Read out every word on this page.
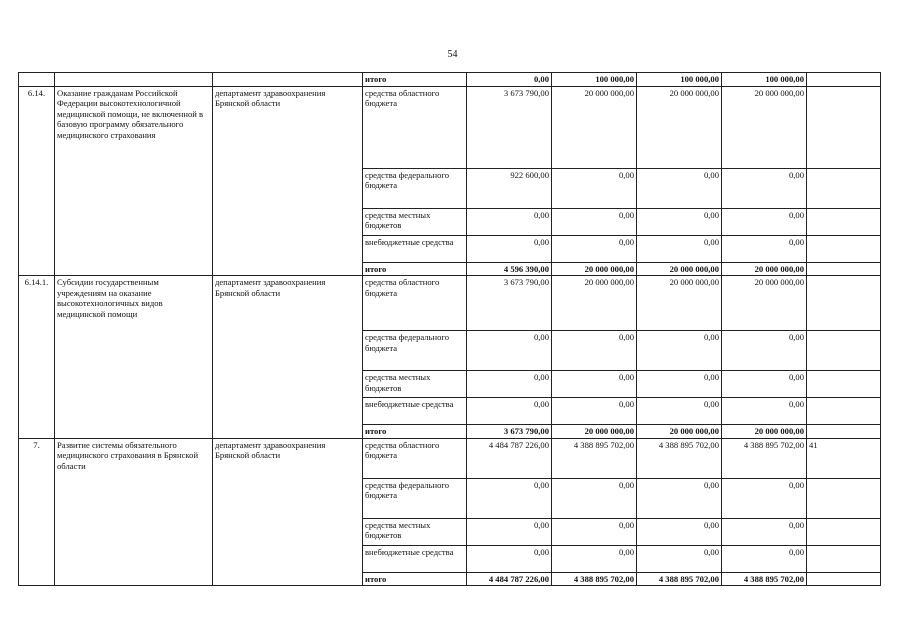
54
			итого	0,00	100 000,00	100 000,00	100 000,00	
6.14.	Оказание гражданам Российской Федерации высокотехнологичной медицинской помощи, не включенной в базовую программу обязательного медицинского страхования	департамент здравоохранения Брянской области	средства областного бюджета	3 673 790,00	20 000 000,00	20 000 000,00	20 000 000,00	
			средства федерального бюджета	922 600,00	0,00	0,00	0,00	
			средства местных бюджетов	0,00	0,00	0,00	0,00	
			внебюджетные средства	0,00	0,00	0,00	0,00	
			итого	4 596 390,00	20 000 000,00	20 000 000,00	20 000 000,00	
6.14.1.	Субсидии государственным учреждениям на оказание высокотехнологичных видов медицинской помощи	департамент здравоохранения Брянской области	средства областного бюджета	3 673 790,00	20 000 000,00	20 000 000,00	20 000 000,00	
			средства федерального бюджета	0,00	0,00	0,00	0,00	
			средства местных бюджетов	0,00	0,00	0,00	0,00	
			внебюджетные средства	0,00	0,00	0,00	0,00	
			итого	3 673 790,00	20 000 000,00	20 000 000,00	20 000 000,00	
7.	Развитие системы обязательного медицинского страхования в Брянской области	департамент здравоохранения Брянской области	средства областного бюджета	4 484 787 226,00	4 388 895 702,00	4 388 895 702,00	4 388 895 702,00	41
			средства федерального бюджета	0,00	0,00	0,00	0,00	
			средства местных бюджетов	0,00	0,00	0,00	0,00	
			внебюджетные средства	0,00	0,00	0,00	0,00	
			итого	4 484 787 226,00	4 388 895 702,00	4 388 895 702,00	4 388 895 702,00	
